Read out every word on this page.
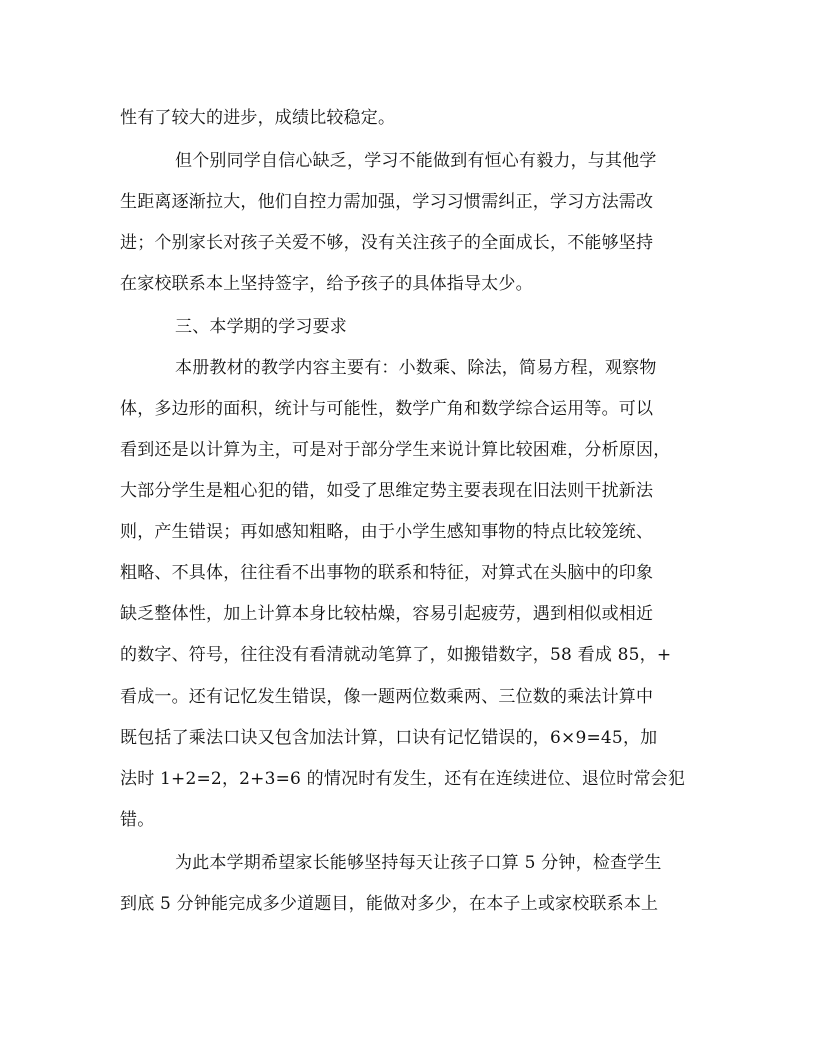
性有了较大的进步，成绩比较稳定。
但个别同学自信心缺乏，学习不能做到有恒心有毅力，与其他学
生距离逐渐拉大，他们自控力需加强，学习习惯需纠正，学习方法需改
进；个别家长对孩子关爱不够，没有关注孩子的全面成长，不能够坚持
在家校联系本上坚持签字，给予孩子的具体指导太少。
三、本学期的学习要求
本册教材的教学内容主要有：小数乘、除法，简易方程，观察物
体，多边形的面积，统计与可能性，数学广角和数学综合运用等。可以
看到还是以计算为主，可是对于部分学生来说计算比较困难，分析原因，
大部分学生是粗心犯的错，如受了思维定势主要表现在旧法则干扰新法
则，产生错误；再如感知粗略，由于小学生感知事物的特点比较笼统、
粗略、不具体，往往看不出事物的联系和特征，对算式在头脑中的印象
缺乏整体性，加上计算本身比较枯燥，容易引起疲劳，遇到相似或相近
的数字、符号，往往没有看清就动笔算了，如搬错数字，58 看成 85，+
看成一。还有记忆发生错误，像一题两位数乘两、三位数的乘法计算中
既包括了乘法口诀又包含加法计算，口诀有记忆错误的，6×9=45，加
法时 1+2=2，2+3=6 的情况时有发生，还有在连续进位、退位时常会犯
错。
为此本学期希望家长能够坚持每天让孩子口算 5 分钟，检查学生
到底 5 分钟能完成多少道题目，能做对多少，在本子上或家校联系本上
